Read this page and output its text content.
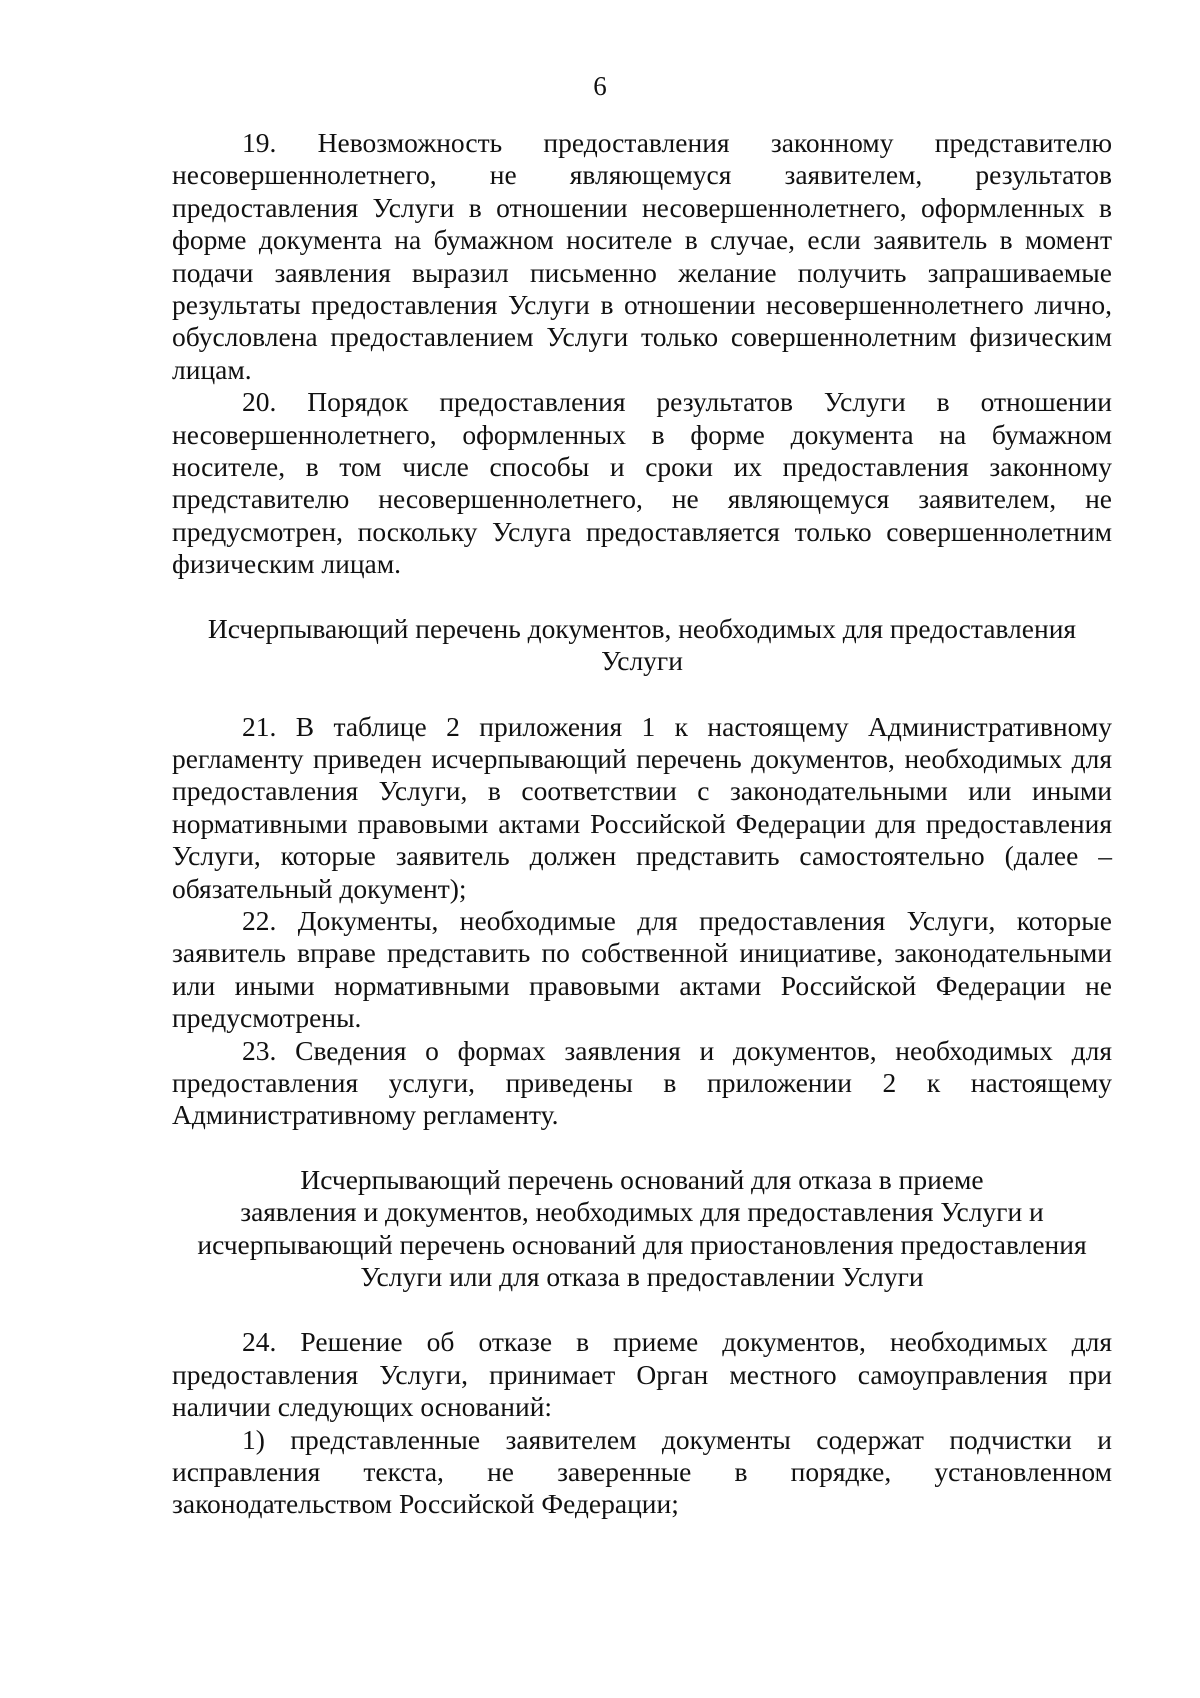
6

19. Невозможность предоставления законному представителю несовершеннолетнего, не являющемуся заявителем, результатов предоставления Услуги в отношении несовершеннолетнего, оформленных в форме документа на бумажном носителе в случае, если заявитель в момент подачи заявления выразил письменно желание получить запрашиваемые результаты предоставления Услуги в отношении несовершеннолетнего лично, обусловлена предоставлением Услуги только совершеннолетним физическим лицам.

20. Порядок предоставления результатов Услуги в отношении несовершеннолетнего, оформленных в форме документа на бумажном носителе, в том числе способы и сроки их предоставления законному представителю несовершеннолетнего, не являющемуся заявителем, не предусмотрен, поскольку Услуга предоставляется только совершеннолетним физическим лицам.

Исчерпывающий перечень документов, необходимых для предоставления
Услуги

21. В таблице 2 приложения 1 к настоящему Административному регламенту приведен исчерпывающий перечень документов, необходимых для предоставления Услуги, в соответствии с законодательными или иными нормативными правовыми актами Российской Федерации для предоставления Услуги, которые заявитель должен представить самостоятельно (далее – обязательный документ);

22. Документы, необходимые для предоставления Услуги, которые заявитель вправе представить по собственной инициативе, законодательными или иными нормативными правовыми актами Российской Федерации не предусмотрены.

23. Сведения о формах заявления и документов, необходимых для предоставления услуги, приведены в приложении 2 к настоящему Административному регламенту.

Исчерпывающий перечень оснований для отказа в приеме
заявления и документов, необходимых для предоставления Услуги и
исчерпывающий перечень оснований для приостановления предоставления
Услуги или для отказа в предоставлении Услуги

24. Решение об отказе в приеме документов, необходимых для предоставления Услуги, принимает Орган местного самоуправления при наличии следующих оснований:

1) представленные заявителем документы содержат подчистки и исправления текста, не заверенные в порядке, установленном законодательством Российской Федерации;
